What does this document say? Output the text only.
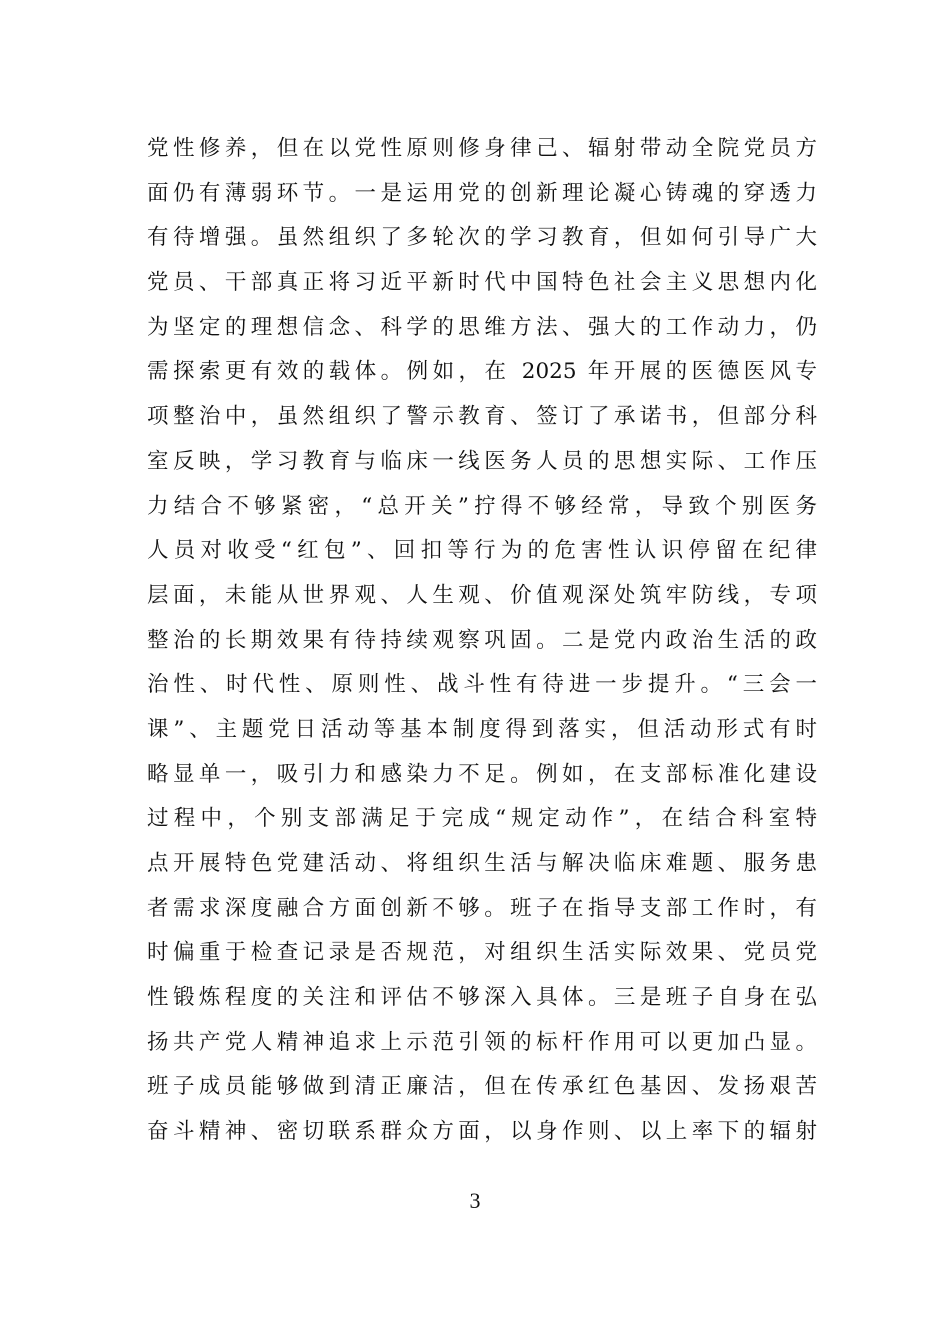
党性修养，但在以党性原则修身律己、辐射带动全院党员方
面仍有薄弱环节。一是运用党的创新理论凝心铸魂的穿透力
有待增强。虽然组织了多轮次的学习教育，但如何引导广大
党员、干部真正将习近平新时代中国特色社会主义思想内化
为坚定的理想信念、科学的思维方法、强大的工作动力，仍
需探索更有效的载体。例如，在 2025 年开展的医德医风专
项整治中，虽然组织了警示教育、签订了承诺书，但部分科
室反映，学习教育与临床一线医务人员的思想实际、工作压
力结合不够紧密，“总开关”拧得不够经常，导致个别医务
人员对收受“红包”、回扣等行为的危害性认识停留在纪律
层面，未能从世界观、人生观、价值观深处筑牢防线，专项
整治的长期效果有待持续观察巩固。二是党内政治生活的政
治性、时代性、原则性、战斗性有待进一步提升。“三会一
课”、主题党日活动等基本制度得到落实，但活动形式有时
略显单一，吸引力和感染力不足。例如，在支部标准化建设
过程中，个别支部满足于完成“规定动作”，在结合科室特
点开展特色党建活动、将组织生活与解决临床难题、服务患
者需求深度融合方面创新不够。班子在指导支部工作时，有
时偏重于检查记录是否规范，对组织生活实际效果、党员党
性锻炼程度的关注和评估不够深入具体。三是班子自身在弘
扬共产党人精神追求上示范引领的标杆作用可以更加凸显。
班子成员能够做到清正廉洁，但在传承红色基因、发扬艰苦
奋斗精神、密切联系群众方面，以身作则、以上率下的辐射
3
